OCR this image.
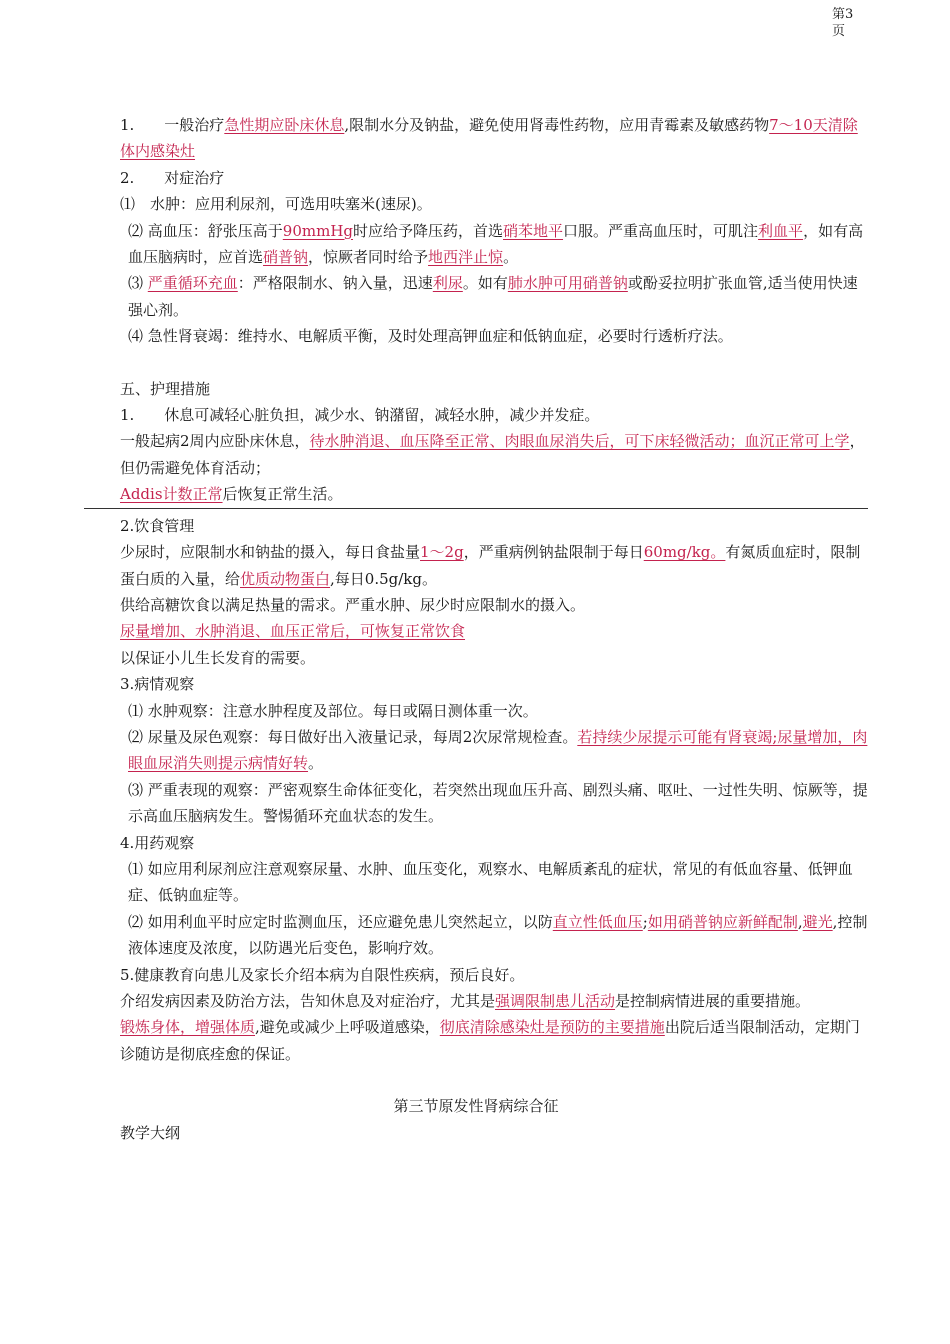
第3页

1.　　一般治疗急性期应卧床休息,限制水分及钠盐，避免使用肾毒性药物，应用青霉素及敏感药物7～10天清除体内感染灶

2.　　对症治疗

⑴　水肿：应用利尿剂，可选用呋塞米(速尿)。

⑵ 高血压：舒张压高于90mmHg时应给予降压药，首选硝苯地平口服。严重高血压时，可肌注利血平，如有高血压脑病时，应首选硝普钠，惊厥者同时给予地西泮止惊。

⑶ 严重循环充血：严格限制水、钠入量，迅速利尿。如有肺水肿可用硝普钠或酚妥拉明扩张血管,适当使用快速强心剂。

⑷ 急性肾衰竭：维持水、电解质平衡，及时处理高钾血症和低钠血症，必要时行透析疗法。

五、护理措施

1.　　休息可减轻心脏负担，减少水、钠潴留，减轻水肿，减少并发症。

一般起病2周内应卧床休息，待水肿消退、血压降至正常、肉眼血尿消失后，可下床轻微活动；血沉正常可上学，但仍需避免体育活动；

Addis计数正常后恢复正常生活。

2.饮食管理

少尿时，应限制水和钠盐的摄入，每日食盐量1～2g，严重病例钠盐限制于每日60mg/kg。有氮质血症时，限制蛋白质的入量，给优质动物蛋白,每日0.5g/kg。

供给高糖饮食以满足热量的需求。严重水肿、尿少时应限制水的摄入。

尿量增加、水肿消退、血压正常后，可恢复正常饮食

以保证小儿生长发育的需要。

3.病情观察

⑴ 水肿观察：注意水肿程度及部位。每日或隔日测体重一次。

⑵ 尿量及尿色观察：每日做好出入液量记录，每周2次尿常规检查。若持续少尿提示可能有肾衰竭;尿量增加，肉眼血尿消失则提示病情好转。

⑶ 严重表现的观察：严密观察生命体征变化，若突然出现血压升高、剧烈头痛、呕吐、一过性失明、惊厥等，提示高血压脑病发生。警惕循环充血状态的发生。

4.用药观察

⑴ 如应用利尿剂应注意观察尿量、水肿、血压变化，观察水、电解质紊乱的症状，常见的有低血容量、低钾血症、低钠血症等。

⑵ 如用利血平时应定时监测血压，还应避免患儿突然起立，以防直立性低血压;如用硝普钠应新鲜配制,避光,控制液体速度及浓度，以防遇光后变色，影响疗效。

5.健康教育向患儿及家长介绍本病为自限性疾病，预后良好。

介绍发病因素及防治方法，告知休息及对症治疗，尤其是强调限制患儿活动是控制病情进展的重要措施。

锻炼身体，增强体质,避免或减少上呼吸道感染，彻底清除感染灶是预防的主要措施出院后适当限制活动，定期门诊随访是彻底痊愈的保证。

第三节原发性肾病综合征

教学大纲
